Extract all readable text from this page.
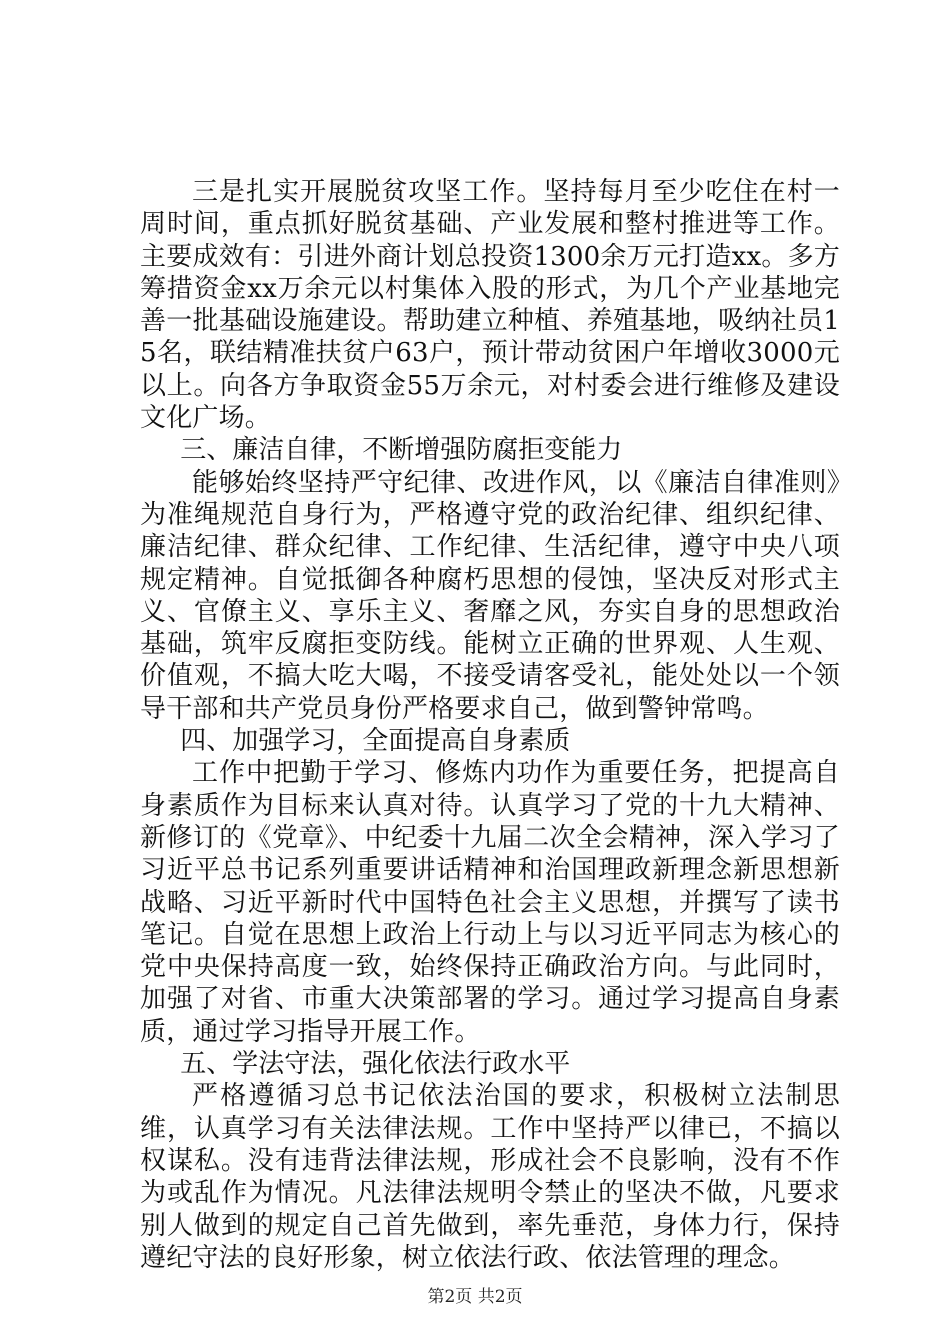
三是扎实开展脱贫攻坚工作。坚持每月至少吃住在村一周时间，重点抓好脱贫基础、产业发展和整村推进等工作。主要成效有：引进外商计划总投资1300余万元打造xx。多方筹措资金xx万余元以村集体入股的形式，为几个产业基地完善一批基础设施建设。帮助建立种植、养殖基地，吸纳社员15名，联结精准扶贫户63户，预计带动贫困户年增收3000元以上。向各方争取资金55万余元，对村委会进行维修及建设文化广场。

三、廉洁自律，不断增强防腐拒变能力

能够始终坚持严守纪律、改进作风，以《廉洁自律准则》为准绳规范自身行为，严格遵守党的政治纪律、组织纪律、廉洁纪律、群众纪律、工作纪律、生活纪律，遵守中央八项规定精神。自觉抵御各种腐朽思想的侵蚀，坚决反对形式主义、官僚主义、享乐主义、奢靡之风，夯实自身的思想政治基础，筑牢反腐拒变防线。能树立正确的世界观、人生观、价值观，不搞大吃大喝，不接受请客受礼，能处处以一个领导干部和共产党员身份严格要求自己，做到警钟常鸣。

四、加强学习，全面提高自身素质

工作中把勤于学习、修炼内功作为重要任务，把提高自身素质作为目标来认真对待。认真学习了党的十九大精神、新修订的《党章》、中纪委十九届二次全会精神，深入学习了习近平总书记系列重要讲话精神和治国理政新理念新思想新战略、习近平新时代中国特色社会主义思想，并撰写了读书笔记。自觉在思想上政治上行动上与以习近平同志为核心的党中央保持高度一致，始终保持正确政治方向。与此同时，加强了对省、市重大决策部署的学习。通过学习提高自身素质，通过学习指导开展工作。

五、学法守法，强化依法行政水平

严格遵循习总书记依法治国的要求，积极树立法制思维，认真学习有关法律法规。工作中坚持严以律已，不搞以权谋私。没有违背法律法规，形成社会不良影响，没有不作为或乱作为情况。凡法律法规明令禁止的坚决不做，凡要求别人做到的规定自己首先做到，率先垂范，身体力行，保持遵纪守法的良好形象，树立依法行政、依法管理的理念。

第2页 共2页
